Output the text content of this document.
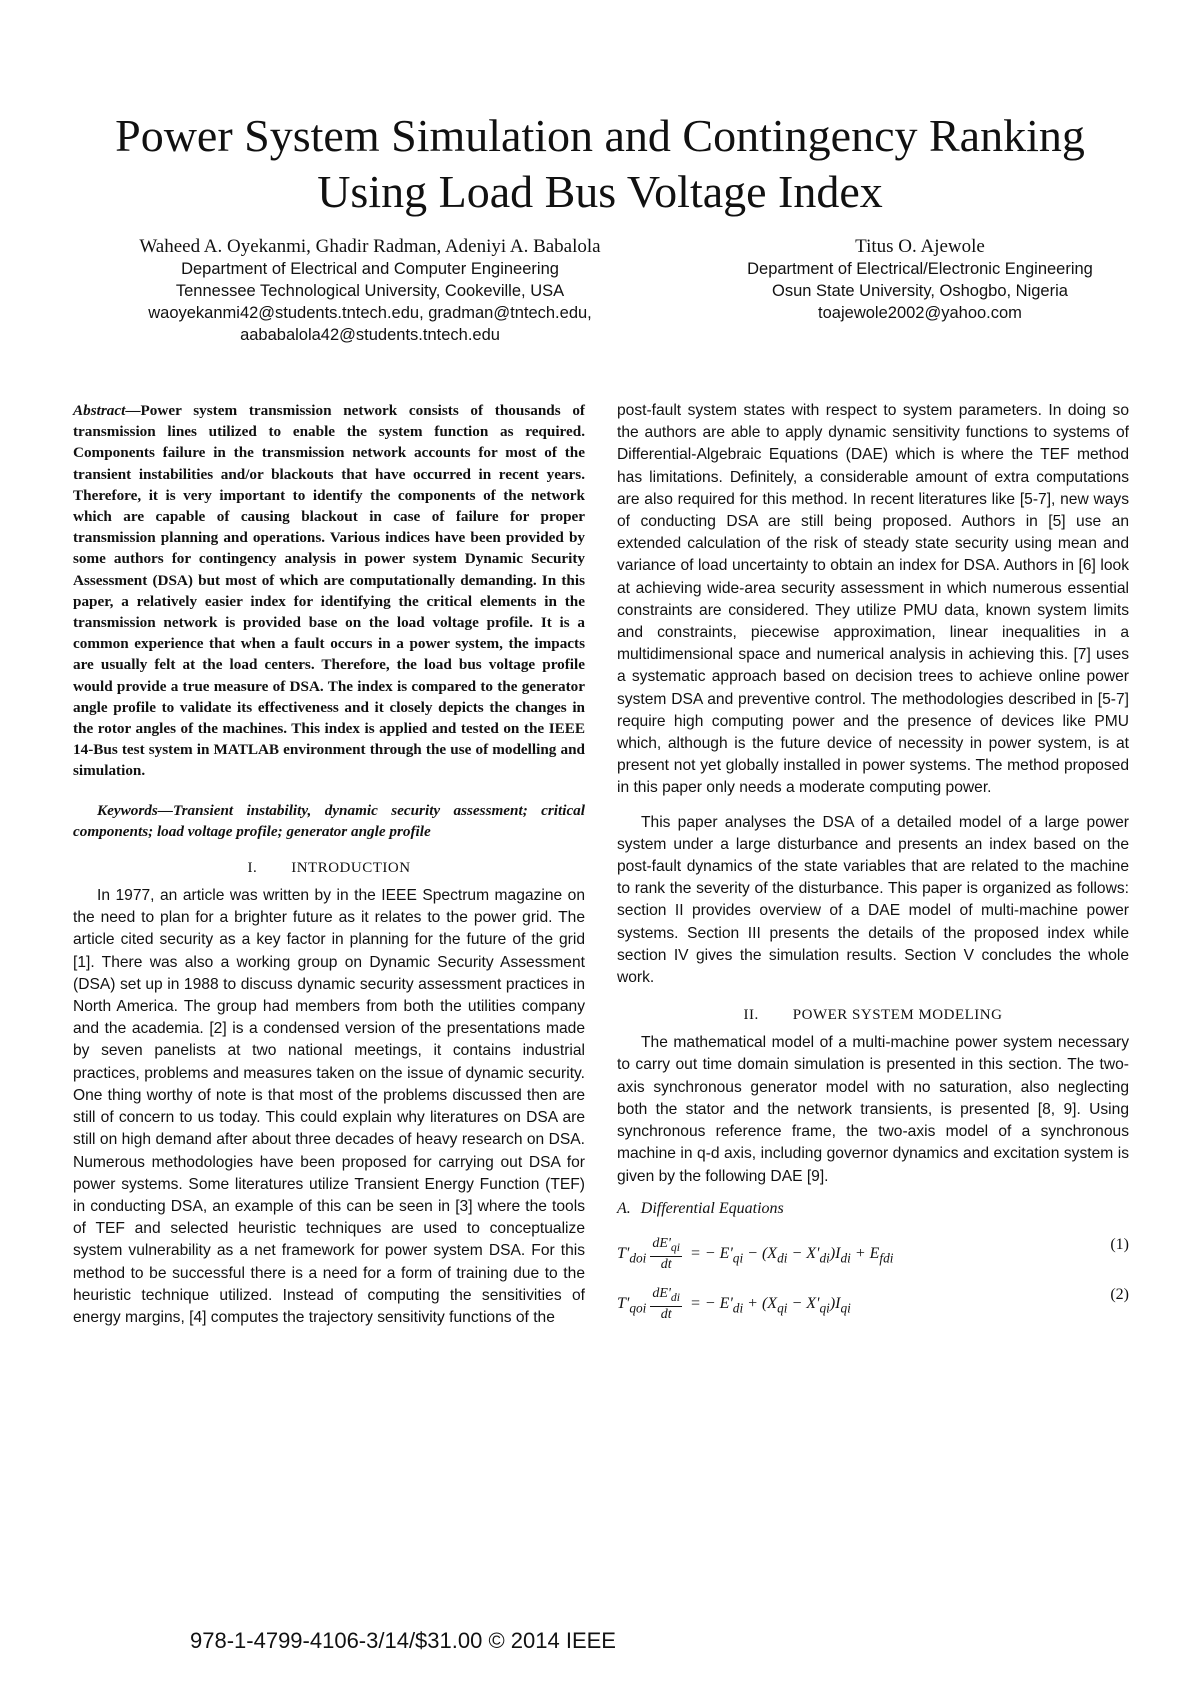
Power System Simulation and Contingency Ranking
Using Load Bus Voltage Index
Waheed A. Oyekanmi, Ghadir Radman, Adeniyi A. Babalola
Department of Electrical and Computer Engineering
Tennessee Technological University, Cookeville, USA
waoyekanmi42@students.tntech.edu, gradman@tntech.edu,
aababalola42@students.tntech.edu
Titus O. Ajewole
Department of Electrical/Electronic Engineering
Osun State University, Oshogbo, Nigeria
toajewole2002@yahoo.com

Abstract—Power system transmission network consists of thousands of transmission lines utilized to enable the system function as required. Components failure in the transmission network accounts for most of the transient instabilities and/or blackouts that have occurred in recent years. Therefore, it is very important to identify the components of the network which are capable of causing blackout in case of failure for proper transmission planning and operations. Various indices have been provided by some authors for contingency analysis in power system Dynamic Security Assessment (DSA) but most of which are computationally demanding. In this paper, a relatively easier index for identifying the critical elements in the transmission network is provided base on the load voltage profile. It is a common experience that when a fault occurs in a power system, the impacts are usually felt at the load centers. Therefore, the load bus voltage profile would provide a true measure of DSA. The index is compared to the generator angle profile to validate its effectiveness and it closely depicts the changes in the rotor angles of the machines. This index is applied and tested on the IEEE 14-Bus test system in MATLAB environment through the use of modelling and simulation.

Keywords—Transient instability, dynamic security assessment; critical components; load voltage profile; generator angle profile

I. INTRODUCTION

In 1977, an article was written by in the IEEE Spectrum magazine on the need to plan for a brighter future as it relates to the power grid. The article cited security as a key factor in planning for the future of the grid [1]. There was also a working group on Dynamic Security Assessment (DSA) set up in 1988 to discuss dynamic security assessment practices in North America. The group had members from both the utilities company and the academia. [2] is a condensed version of the presentations made by seven panelists at two national meetings, it contains industrial practices, problems and measures taken on the issue of dynamic security. One thing worthy of note is that most of the problems discussed then are still of concern to us today. This could explain why literatures on DSA are still on high demand after about three decades of heavy research on DSA. Numerous methodologies have been proposed for carrying out DSA for power systems. Some literatures utilize Transient Energy Function (TEF) in conducting DSA, an example of this can be seen in [3] where the tools of TEF and selected heuristic techniques are used to conceptualize system vulnerability as a net framework for power system DSA. For this method to be successful there is a need for a form of training due to the heuristic technique utilized. Instead of computing the sensitivities of energy margins, [4] computes the trajectory sensitivity functions of the

post-fault system states with respect to system parameters. In doing so the authors are able to apply dynamic sensitivity functions to systems of Differential-Algebraic Equations (DAE) which is where the TEF method has limitations. Definitely, a considerable amount of extra computations are also required for this method. In recent literatures like [5-7], new ways of conducting DSA are still being proposed. Authors in [5] use an extended calculation of the risk of steady state security using mean and variance of load uncertainty to obtain an index for DSA. Authors in [6] look at achieving wide-area security assessment in which numerous essential constraints are considered. They utilize PMU data, known system limits and constraints, piecewise approximation, linear inequalities in a multidimensional space and numerical analysis in achieving this. [7] uses a systematic approach based on decision trees to achieve online power system DSA and preventive control. The methodologies described in [5-7] require high computing power and the presence of devices like PMU which, although is the future device of necessity in power system, is at present not yet globally installed in power systems. The method proposed in this paper only needs a moderate computing power.

This paper analyses the DSA of a detailed model of a large power system under a large disturbance and presents an index based on the post-fault dynamics of the state variables that are related to the machine to rank the severity of the disturbance. This paper is organized as follows: section II provides overview of a DAE model of multi-machine power systems. Section III presents the details of the proposed index while section IV gives the simulation results. Section V concludes the whole work.

II. POWER SYSTEM MODELING

The mathematical model of a multi-machine power system necessary to carry out time domain simulation is presented in this section. The two-axis synchronous generator model with no saturation, also neglecting both the stator and the network transients, is presented [8, 9]. Using synchronous reference frame, the two-axis model of a synchronous machine in q-d axis, including governor dynamics and excitation system is given by the following DAE [9].

A. Differential Equations
$T'_{doi} \frac{dE'_{qi}}{dt}$ = − $E'_{qi} - (X_{di} - X'_{di})I_{di} + E_{fdi}$
(1)
$T'_{qoi} \frac{dE'_{di}}{dt}$ = − $E'_{di} + (X_{qi} - X'_{qi})I_{qi}$
(2)
978-1-4799-4106-3/14/$31.00 © 2014 IEEE
